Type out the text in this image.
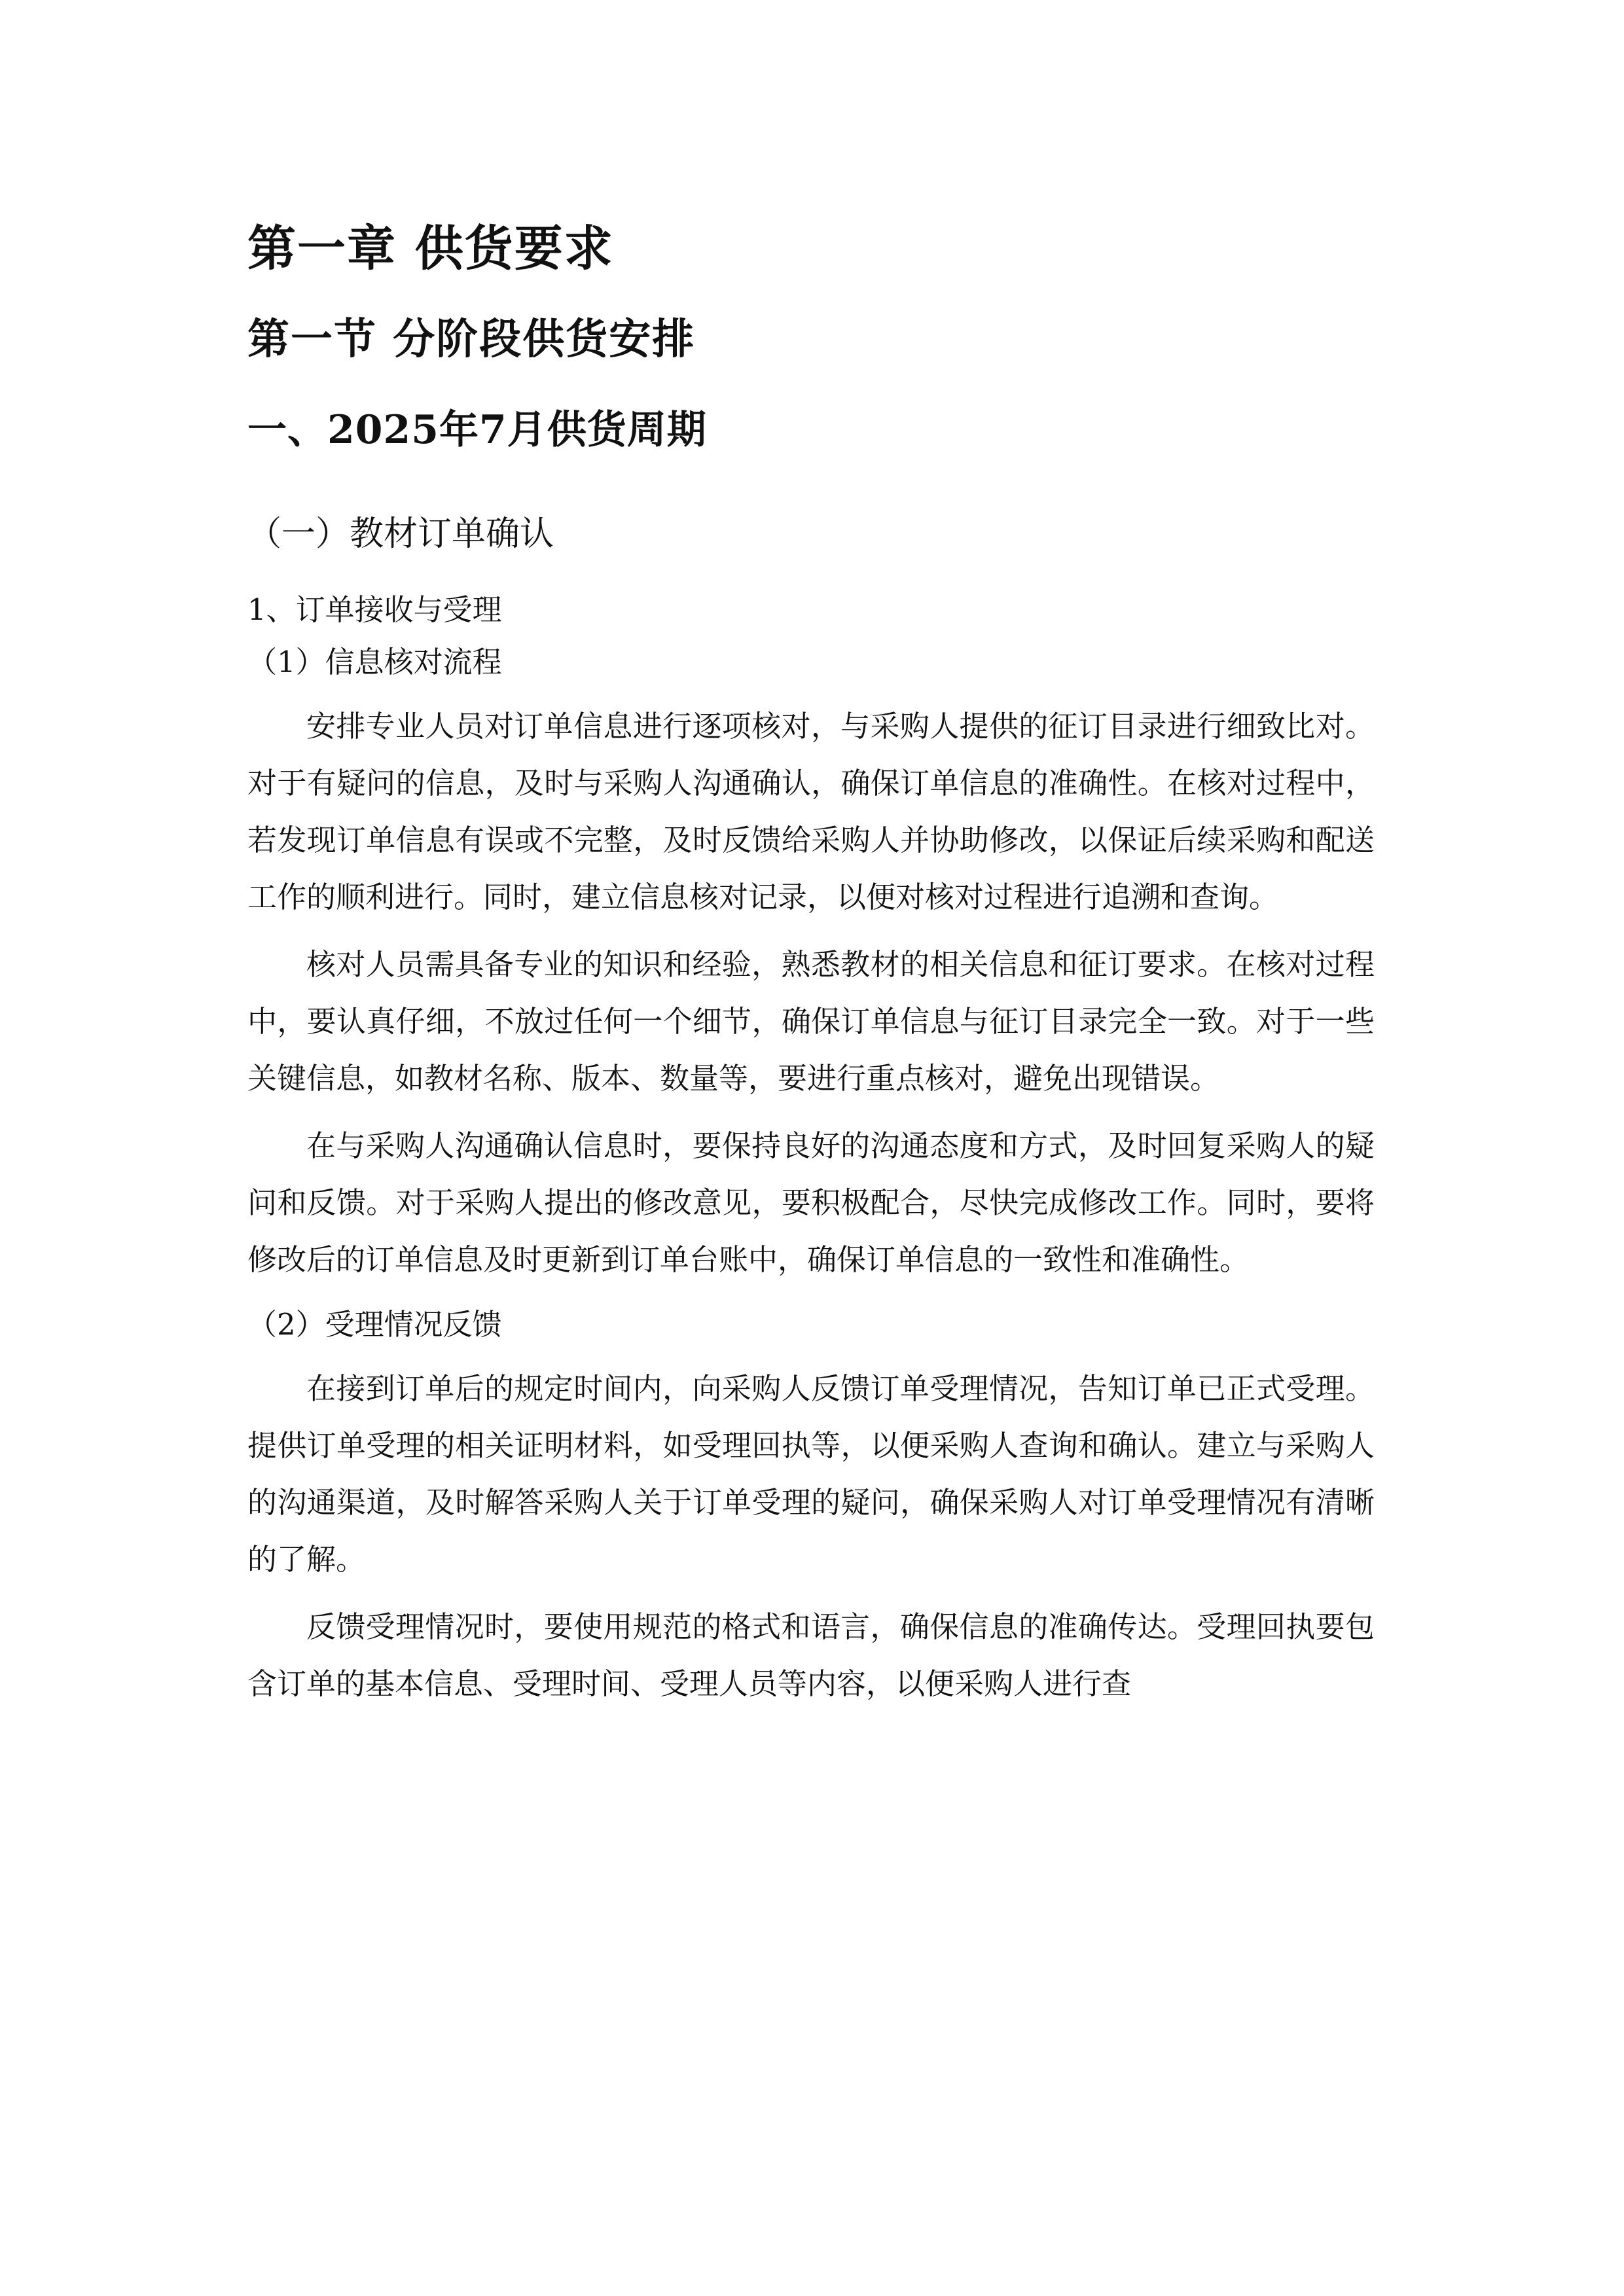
第一章 供货要求
第一节 分阶段供货安排
一、2025年7月供货周期
（一）教材订单确认
1、订单接收与受理
（1）信息核对流程

安排专业人员对订单信息进行逐项核对，与采购人提供的征订目录进行细致比对。对于有疑问的信息，及时与采购人沟通确认，确保订单信息的准确性。在核对过程中，若发现订单信息有误或不完整，及时反馈给采购人并协助修改，以保证后续采购和配送工作的顺利进行。同时，建立信息核对记录，以便对核对过程进行追溯和查询。

核对人员需具备专业的知识和经验，熟悉教材的相关信息和征订要求。在核对过程中，要认真仔细，不放过任何一个细节，确保订单信息与征订目录完全一致。对于一些关键信息，如教材名称、版本、数量等，要进行重点核对，避免出现错误。

在与采购人沟通确认信息时，要保持良好的沟通态度和方式，及时回复采购人的疑问和反馈。对于采购人提出的修改意见，要积极配合，尽快完成修改工作。同时，要将修改后的订单信息及时更新到订单台账中，确保订单信息的一致性和准确性。

（2）受理情况反馈

在接到订单后的规定时间内，向采购人反馈订单受理情况，告知订单已正式受理。提供订单受理的相关证明材料，如受理回执等，以便采购人查询和确认。建立与采购人的沟通渠道，及时解答采购人关于订单受理的疑问，确保采购人对订单受理情况有清晰的了解。

反馈受理情况时，要使用规范的格式和语言，确保信息的准确传达。受理回执要包含订单的基本信息、受理时间、受理人员等内容，以便采购人进行查
